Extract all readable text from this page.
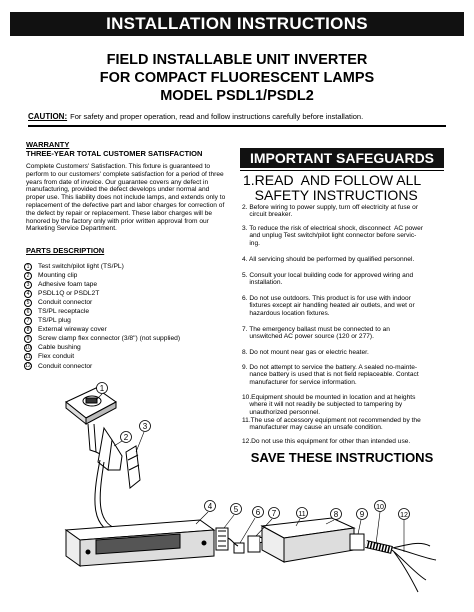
INSTALLATION INSTRUCTIONS
FIELD INSTALLABLE UNIT INVERTER
FOR COMPACT FLUORESCENT LAMPS
MODEL PSDL1/PSDL2
CAUTION: For safety and proper operation, read and follow instructions carefully before installation.
WARRANTY
THREE-YEAR TOTAL CUSTOMER SATISFACTION
Complete Customers' Satisfaction. This fixture is guaranteed to perform to our customers' complete satisfaction for a period of three years from date of invoice. Our guarantee covers any defect in manufacturing, provided the defect develops under normal and proper use. This liability does not include lamps, and extends only to replacement of the defective part and labor charges for correction of the defect by repair or replacement. These labor charges will be honored by the factory only with prior written approval from our Marketing Service Department.
PARTS DESCRIPTION
1	Test switch/pilot light (TS/PL)
2	Mounting clip
3	Adhesive foam tape
4	PSDL1Q or PSDL2T
5	Conduit connector
6	TS/PL receptacle
7	TS/PL plug
8	External wireway cover
9	Screw clamp flex connector (3/8") (not supplied)
10 Cable bushing
11 Flex conduit
12 Conduit connector
IMPORTANT SAFEGUARDS
1.READ  AND FOLLOW ALL
SAFETY INSTRUCTIONS
2. Before wiring to power supply, turn off electricity at fuse or
circuit breaker.
3. To reduce the risk of electrical shock, disconnect  AC power
and unplug Test switch/pilot light connector before servic-
ing.
4. All servicing should be performed by qualified personnel.
5. Consult your local building code for approved wiring and
installation.
6. Do not use outdoors. This product is for use with indoor
fixtures except air handling heated air outlets, and wet or
hazardous location fixtures.
7. The emergency ballast must be connected to an
unswitched AC power source (120 or 277).
8. Do not mount near gas or electric heater.
9. Do not attempt to service the battery. A sealed no-mainte-
nance battery is used that is not field replaceable. Contact
manufacturer for service information.
10.Equipment should be mounted in location and at heights
where it will not readily be subjected to tampering by
unauthorized personnel.
11.The use of accessory equipment not recommended by the
manufacturer may cause an unsafe condition.
12.Do not use this equipment for other than intended use.
SAVE THESE INSTRUCTIONS
1
2
3
4	5 6 7	11	8	9
10
12
